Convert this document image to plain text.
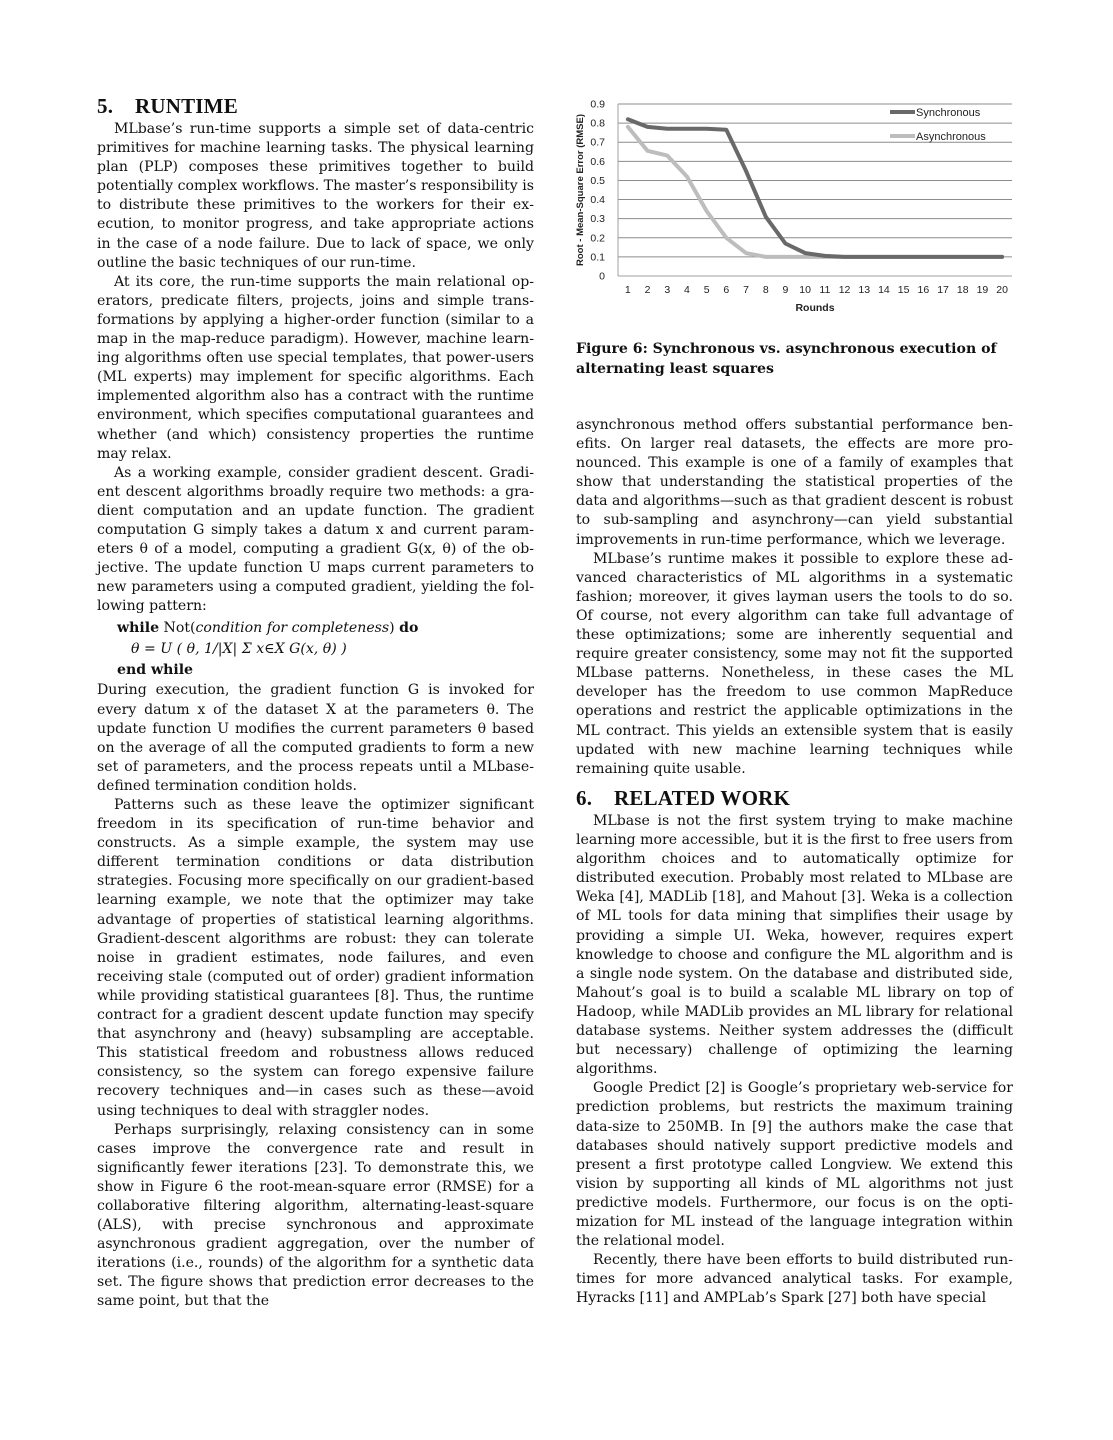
5. RUNTIME

MLbase’s run-time supports a simple set of data-centric primitives for machine learning tasks. The physical learning plan (PLP) composes these primitives together to build potentially complex workflows. The master’s responsibility is to distribute these primitives to the workers for their execution, to monitor progress, and take appropriate actions in the case of a node failure. Due to lack of space, we only outline the basic techniques of our run-time.

At its core, the run-time supports the main relational operators, predicate filters, projects, joins and simple transformations by applying a higher-order function (similar to a map in the map-reduce paradigm). However, machine learning algorithms often use special templates, that power-users (ML experts) may implement for specific algorithms. Each implemented algorithm also has a contract with the runtime environment, which specifies computational guarantees and whether (and which) consistency properties the runtime may relax.

As a working example, consider gradient descent. Gradient descent algorithms broadly require two methods: a gradient computation and an update function. The gradient computation G simply takes a datum x and current parameters θ of a model, computing a gradient G(x, θ) of the objective. The update function U maps current parameters to new parameters using a computed gradient, yielding the following pattern:

while Not(condition for completeness) do
θ = U ( θ, 1/|X| Σ x∈X G(x, θ) )
end while

During execution, the gradient function G is invoked for every datum x of the dataset X at the parameters θ. The update function U modifies the current parameters θ based on the average of all the computed gradients to form a new set of parameters, and the process repeats until a MLbase-defined termination condition holds.

Patterns such as these leave the optimizer significant freedom in its specification of run-time behavior and constructs. As a simple example, the system may use different termination conditions or data distribution strategies. Focusing more specifically on our gradient-based learning example, we note that the optimizer may take advantage of properties of statistical learning algorithms. Gradient-descent algorithms are robust: they can tolerate noise in gradient estimates, node failures, and even receiving stale (computed out of order) gradient information while providing statistical guarantees [8]. Thus, the runtime contract for a gradient descent update function may specify that asynchrony and (heavy) subsampling are acceptable. This statistical freedom and robustness allows reduced consistency, so the system can forego expensive failure recovery techniques and—in cases such as these—avoid using techniques to deal with straggler nodes.

Perhaps surprisingly, relaxing consistency can in some cases improve the convergence rate and result in significantly fewer iterations [23]. To demonstrate this, we show in Figure 6 the root-mean-square error (RMSE) for a collaborative filtering algorithm, alternating-least-square (ALS), with precise synchronous and approximate asynchronous gradient aggregation, over the number of iterations (i.e., rounds) of the algorithm for a synthetic data set. The figure shows that prediction error decreases to the same point, but that the

0
0.1
0.2
0.3
0.4
0.5
0.6
0.7
0.8
0.9
1 2 3 4 5 6 7 8 9 10 11 12 13 14 15 16 17 18 19 20
Rounds
Root - Mean-Square Error (RMSE)
Synchronous
Asynchronous
Figure 6: Synchronous vs. asynchronous execution of alternating least squares

asynchronous method offers substantial performance benefits. On larger real datasets, the effects are more pronounced. This example is one of a family of examples that show that understanding the statistical properties of the data and algorithms—such as that gradient descent is robust to sub-sampling and asynchrony—can yield substantial improvements in run-time performance, which we leverage.

MLbase’s runtime makes it possible to explore these advanced characteristics of ML algorithms in a systematic fashion; moreover, it gives layman users the tools to do so. Of course, not every algorithm can take full advantage of these optimizations; some are inherently sequential and require greater consistency, some may not fit the supported MLbase patterns. Nonetheless, in these cases the ML developer has the freedom to use common MapReduce operations and restrict the applicable optimizations in the ML contract. This yields an extensible system that is easily updated with new machine learning techniques while remaining quite usable.

6. RELATED WORK

MLbase is not the first system trying to make machine learning more accessible, but it is the first to free users from algorithm choices and to automatically optimize for distributed execution. Probably most related to MLbase are Weka [4], MADLib [18], and Mahout [3]. Weka is a collection of ML tools for data mining that simplifies their usage by providing a simple UI. Weka, however, requires expert knowledge to choose and configure the ML algorithm and is a single node system. On the database and distributed side, Mahout’s goal is to build a scalable ML library on top of Hadoop, while MADLib provides an ML library for relational database systems. Neither system addresses the (difficult but necessary) challenge of optimizing the learning algorithms.

Google Predict [2] is Google’s proprietary web-service for prediction problems, but restricts the maximum training data-size to 250MB. In [9] the authors make the case that databases should natively support predictive models and present a first prototype called Longview. We extend this vision by supporting all kinds of ML algorithms not just predictive models. Furthermore, our focus is on the optimization for ML instead of the language integration within the relational model.

Recently, there have been efforts to build distributed runtimes for more advanced analytical tasks. For example, Hyracks [11] and AMPLab’s Spark [27] both have special
